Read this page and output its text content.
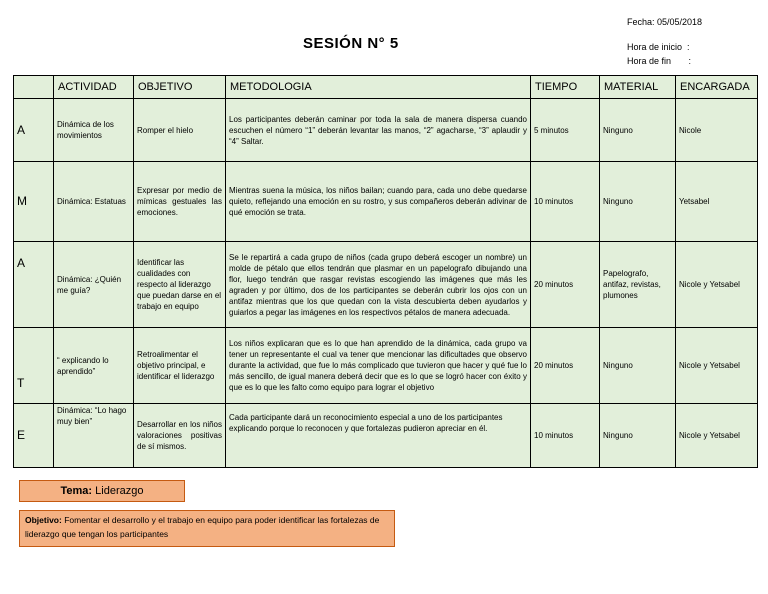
Fecha: 05/05/2018
SESIÓN N° 5	Hora de inicio  :
Hora de fin       :
	ACTIVIDAD	OBJETIVO	METODOLOGIA	TIEMPO	MATERIAL	ENCARGADA
A	Dinámica de los movimientos	Romper el hielo	Los participantes deberán caminar por toda la sala de manera dispersa cuando escuchen el número “1” deberán levantar las manos, “2” agacharse, “3” aplaudir y “4” Saltar.	5 minutos	Ninguno	Nicole
M	Dinámica: Estatuas	Expresar por medio de mímicas gestuales las emociones.	Mientras suena la música, los niños bailan; cuando para, cada uno debe quedarse quieto, reflejando una emoción en su rostro, y sus compañeros deberán adivinar de qué emoción se trata.	10 minutos	Ninguno	Yetsabel
A	Dinámica: ¿Quién me guía?	Identificar las cualidades con respecto al liderazgo que puedan darse en el trabajo en equipo	Se le repartirá a cada grupo de niños (cada grupo deberá escoger un nombre) un molde de pétalo que ellos tendrán que plasmar en un papelografo dibujando una flor, luego tendrán que rasgar revistas escogiendo las imágenes que más les agraden y por último, dos de los participantes se deberán cubrir los ojos con un antifaz mientras que los que quedan con la vista descubierta deben ayudarlos y guiarlos a pegar las imágenes en los respectivos pétalos de manera adecuada.	20 minutos	Papelografo, antifaz, revistas, plumones	Nicole y Yetsabel
T	“ explicando lo aprendido”	Retroalimentar el objetivo principal, e identificar el liderazgo	Los niños explicaran que es lo que han aprendido de la dinámica, cada grupo va tener un representante el cual va tener que mencionar las dificultades que observo durante la actividad, que fue lo más complicado que tuvieron que hacer y qué fue lo más sencillo, de igual manera deberá decir que es lo que se logró hacer con éxito y que es lo que les falto como equipo para lograr el objetivo	20 minutos	Ninguno	Nicole y Yetsabel
E	Dinámica: “Lo hago muy bien”	Desarrollar en los niños valoraciones positivas de sí mismos.	Cada participante dará un reconocimiento especial a uno de los participantes explicando porque lo reconocen y que fortalezas pudieron apreciar en él.	10 minutos	Ninguno	Nicole y Yetsabel
Tema: Liderazgo
Objetivo: Fomentar el desarrollo y el trabajo en equipo para poder identificar las fortalezas de liderazgo que tengan los participantes
